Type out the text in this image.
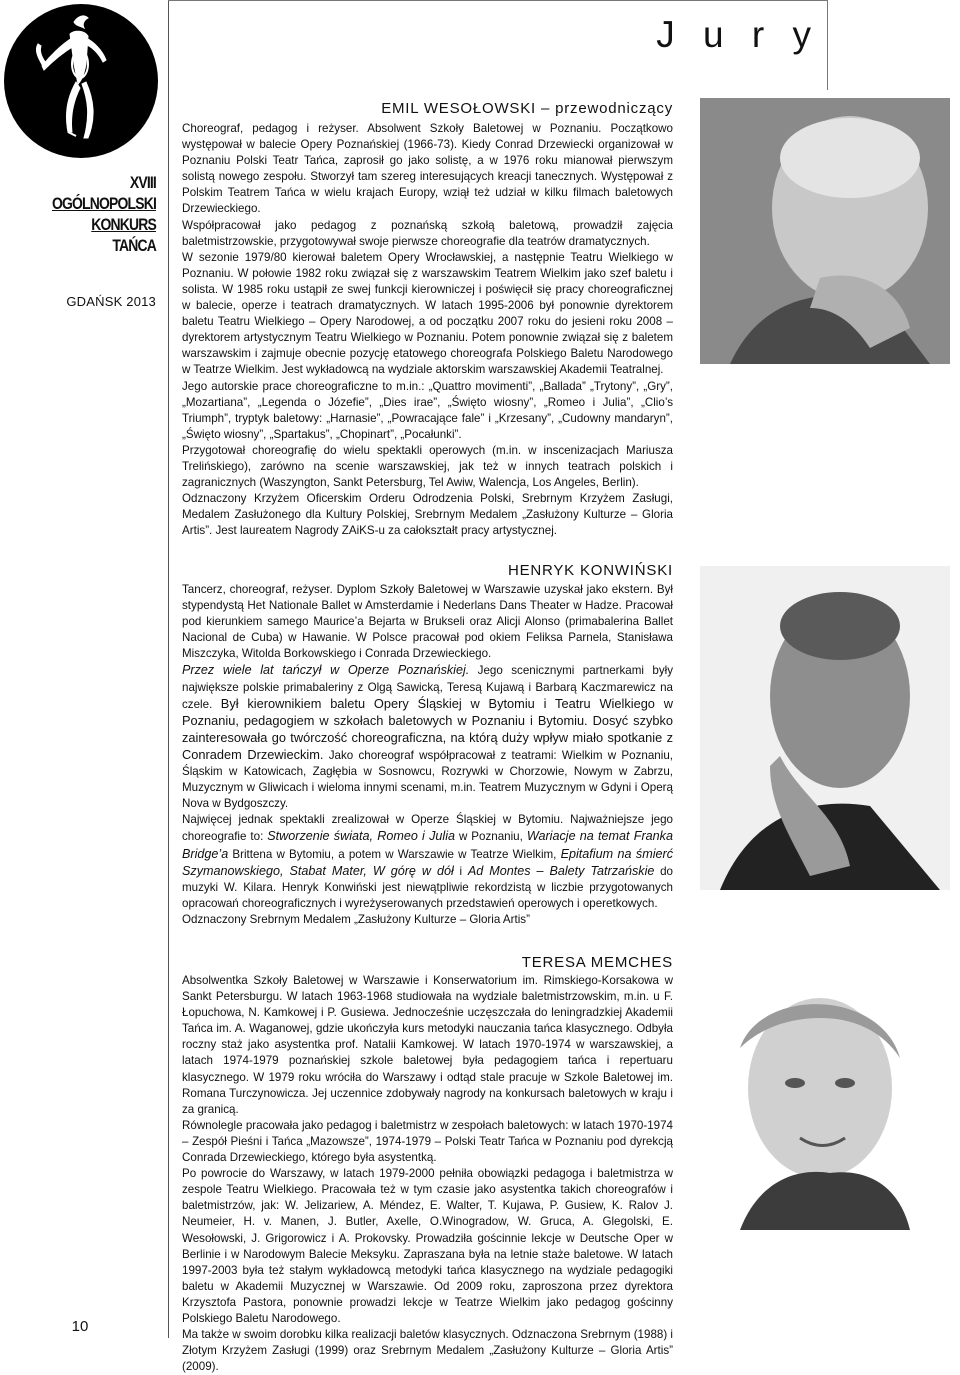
XVIII
OGÓLNOPOLSKI
KONKURS
TAŃCA
GDAŃSK 2013
10
J u r y
EMIL WESOŁOWSKI – przewodniczący

Choreograf, pedagog i reżyser. Absolwent Szkoły Baletowej w Poznaniu. Początkowo występował w balecie Opery Poznańskiej (1966-73). Kiedy Conrad Drzewiecki organizował w Poznaniu Polski Teatr Tańca, zaprosił go jako solistę, a w 1976 roku mianował pierwszym solistą nowego zespołu. Stworzył tam szereg interesujących kreacji tanecznych. Występował z Polskim Teatrem Tańca w wielu krajach Europy, wziął też udział w kilku filmach baletowych Drzewieckiego.

Współpracował jako pedagog z poznańską szkołą baletową, prowadził zajęcia baletmistrzowskie, przygotowywał swoje pierwsze choreografie dla teatrów dramatycznych.

W sezonie 1979/80 kierował baletem Opery Wrocławskiej, a następnie Teatru Wielkiego w Poznaniu. W połowie 1982 roku związał się z warszawskim Teatrem Wielkim jako szef baletu i solista. W 1985 roku ustąpił ze swej funkcji kierowniczej i poświęcił się pracy choreograficznej w balecie, operze i teatrach dramatycznych. W latach 1995-2006 był ponownie dyrektorem baletu Teatru Wielkiego – Opery Narodowej, a od początku 2007 roku do jesieni roku 2008 – dyrektorem artystycznym Teatru Wielkiego w Poznaniu. Potem ponownie związał się z baletem warszawskim i zajmuje obecnie pozycję etatowego choreografa Polskiego Baletu Narodowego w Teatrze Wielkim. Jest wykładowcą na wydziale aktorskim warszawskiej Akademii Teatralnej.

Jego autorskie prace choreograficzne to m.in.: „Quattro movimenti”, „Ballada” „Trytony”, „Gry”, „Mozartiana”, „Legenda o Józefie”, „Dies irae”, „Święto wiosny”, „Romeo i Julia”, „Clio’s Triumph”, tryptyk baletowy: „Harnasie”, „Powracające fale” i „Krzesany”, „Cudowny mandaryn”, „Święto wiosny”, „Spartakus”, „Chopinart”, „Pocałunki”.

Przygotował choreografię do wielu spektakli operowych (m.in. w inscenizacjach Mariusza Trelińskiego), zarówno na scenie warszawskiej, jak też w innych teatrach polskich i zagranicznych (Waszyngton, Sankt Petersburg, Tel Awiw, Walencja, Los Angeles, Berlin).

Odznaczony Krzyżem Oficerskim Orderu Odrodzenia Polski, Srebrnym Krzyżem Zasługi, Medalem Zasłużonego dla Kultury Polskiej, Srebrnym Medalem „Zasłużony Kulturze – Gloria Artis”. Jest laureatem Nagrody ZAiKS-u za całokształt pracy artystycznej.

HENRYK KONWIŃSKI

Tancerz, choreograf, reżyser. Dyplom Szkoły Baletowej w Warszawie uzyskał jako ekstern. Był stypendystą Het Nationale Ballet w Amsterdamie i Nederlans Dans Theater w Hadze. Pracował pod kierunkiem samego Maurice’a Bejarta w Brukseli oraz Alicji Alonso (primabalerina Ballet Nacional de Cuba) w Hawanie. W Polsce pracował pod okiem Feliksa Parnela, Stanisława Miszczyka, Witolda Borkowskiego i Conrada Drzewieckiego.

Przez wiele lat tańczył w Operze Poznańskiej. Jego scenicznymi partnerkami były największe polskie primabaleriny z Olgą Sawicką, Teresą Kujawą i Barbarą Kaczmarewicz na czele. Był kierownikiem baletu Opery Śląskiej w Bytomiu i Teatru Wielkiego w Poznaniu, pedagogiem w szkołach baletowych w Poznaniu i Bytomiu. Dosyć szybko zainteresowała go twórczość choreograficzna, na którą duży wpływ miało spotkanie z Conradem Drzewieckim. Jako choreograf współpracował z teatrami: Wielkim w Poznaniu, Śląskim w Katowicach, Zagłębia w Sosnowcu, Rozrywki w Chorzowie, Nowym w Zabrzu, Muzycznym w Gliwicach i wieloma innymi scenami, m.in. Teatrem Muzycznym w Gdyni i Operą Nova w Bydgoszczy.

Najwięcej jednak spektakli zrealizował w Operze Śląskiej w Bytomiu. Najważniejsze jego choreografie to: Stworzenie świata, Romeo i Julia w Poznaniu, Wariacje na temat Franka Bridge’a Brittena w Bytomiu, a potem w Warszawie w Teatrze Wielkim, Epitafium na śmierć Szymanowskiego, Stabat Mater, W górę w dół i Ad Montes – Balety Tatrzańskie do muzyki W. Kilara. Henryk Konwiński jest niewątpliwie rekordzistą w liczbie przygotowanych opracowań choreograficznych i wyreżyserowanych przedstawień operowych i operetkowych.

Odznaczony Srebrnym Medalem „Zasłużony Kulturze – Gloria Artis”

TERESA MEMCHES

Absolwentka Szkoły Baletowej w Warszawie i Konserwatorium im. Rimskiego-Korsakowa w Sankt Petersburgu. W latach 1963-1968 studiowała na wydziale baletmistrzowskim, m.in. u F. Łopuchowa, N. Kamkowej i P. Gusiewa. Jednocześnie uczęszczała do leningradzkiej Akademii Tańca im. A. Waganowej, gdzie ukończyła kurs metodyki nauczania tańca klasycznego. Odbyła roczny staż jako asystentka prof. Natalii Kamkowej. W latach 1970-1974 w warszawskiej, a latach 1974-1979 poznańskiej szkole baletowej była pedagogiem tańca i repertuaru klasycznego. W 1979 roku wróciła do Warszawy i odtąd stale pracuje w Szkole Baletowej im. Romana Turczynowicza. Jej uczennice zdobywały nagrody na konkursach baletowych w kraju i za granicą.

Równolegle pracowała jako pedagog i baletmistrz w zespołach baletowych: w latach 1970-1974 – Zespół Pieśni i Tańca „Mazowsze”, 1974-1979 – Polski Teatr Tańca w Poznaniu pod dyrekcją Conrada Drzewieckiego, którego była asystentką.

Po powrocie do Warszawy, w latach 1979-2000 pełniła obowiązki pedagoga i baletmistrza w zespole Teatru Wielkiego. Pracowała też w tym czasie jako asystentka takich choreografów i baletmistrzów, jak: W. Jelizariew, A. Méndez, E. Walter, T. Kujawa, P. Gusiew, K. Ralov J. Neumeier, H. v. Manen, J. Butler, Axelle, O.Winogradow, W. Gruca, A. Glegolski, E. Wesołowski, J. Grigorowicz i A. Prokovsky. Prowadziła gościnnie lekcje w Deutsche Oper w Berlinie i w Narodowym Balecie Meksyku. Zapraszana była na letnie staże baletowe. W latach 1997-2003 była też stałym wykładowcą metodyki tańca klasycznego na wydziale pedagogiki baletu w Akademii Muzycznej w Warszawie. Od 2009 roku, zaproszona przez dyrektora Krzysztofa Pastora, ponownie prowadzi lekcje w Teatrze Wielkim jako pedagog gościnny Polskiego Baletu Narodowego.

Ma także w swoim dorobku kilka realizacji baletów klasycznych. Odznaczona Srebrnym (1988) i Złotym Krzyżem Zasługi (1999) oraz Srebrnym Medalem „Zasłużony Kulturze – Gloria Artis” (2009).
